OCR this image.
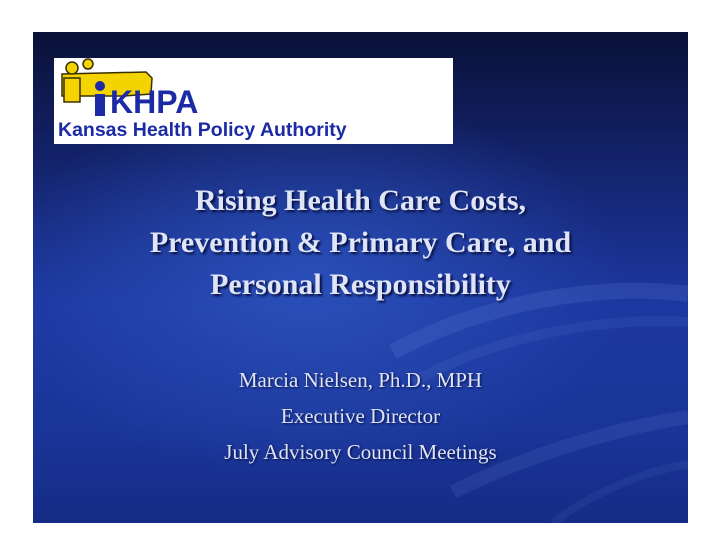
KHPA
Kansas Health Policy Authority
Rising Health Care Costs,
Prevention & Primary Care, and
Personal Responsibility
Marcia Nielsen, Ph.D., MPH
Executive Director
July Advisory Council Meetings
